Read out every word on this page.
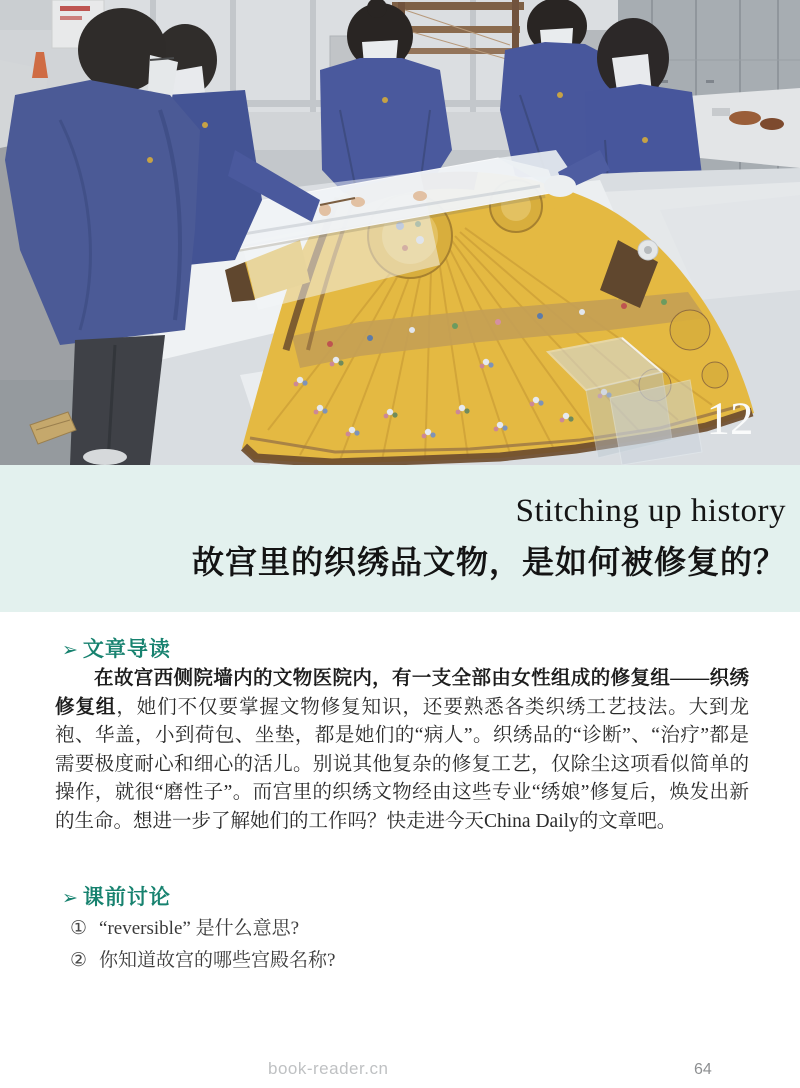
12
Stitching up history
故宫里的织绣品文物，是如何被修复的？
➢ 文章导读

在故宫西侧院墙内的文物医院内，有一支全部由女性组成的修复组——织绣修复组，她们不仅要掌握文物修复知识，还要熟悉各类织绣工艺技法。大到龙袍、华盖，小到荷包、坐垫，都是她们的“病人”。织绣品的“诊断”、“治疗”都是需要极度耐心和细心的活儿。别说其他复杂的修复工艺，仅除尘这项看似简单的操作，就很“磨性子”。而宫里的织绣文物经由这些专业“绣娘”修复后，焕发出新的生命。想进一步了解她们的工作吗？快走进今天China Daily的文章吧。

➢ 课前讨论
① “reversible” 是什么意思?
② 你知道故宫的哪些宫殿名称?
book-reader.cn	64
